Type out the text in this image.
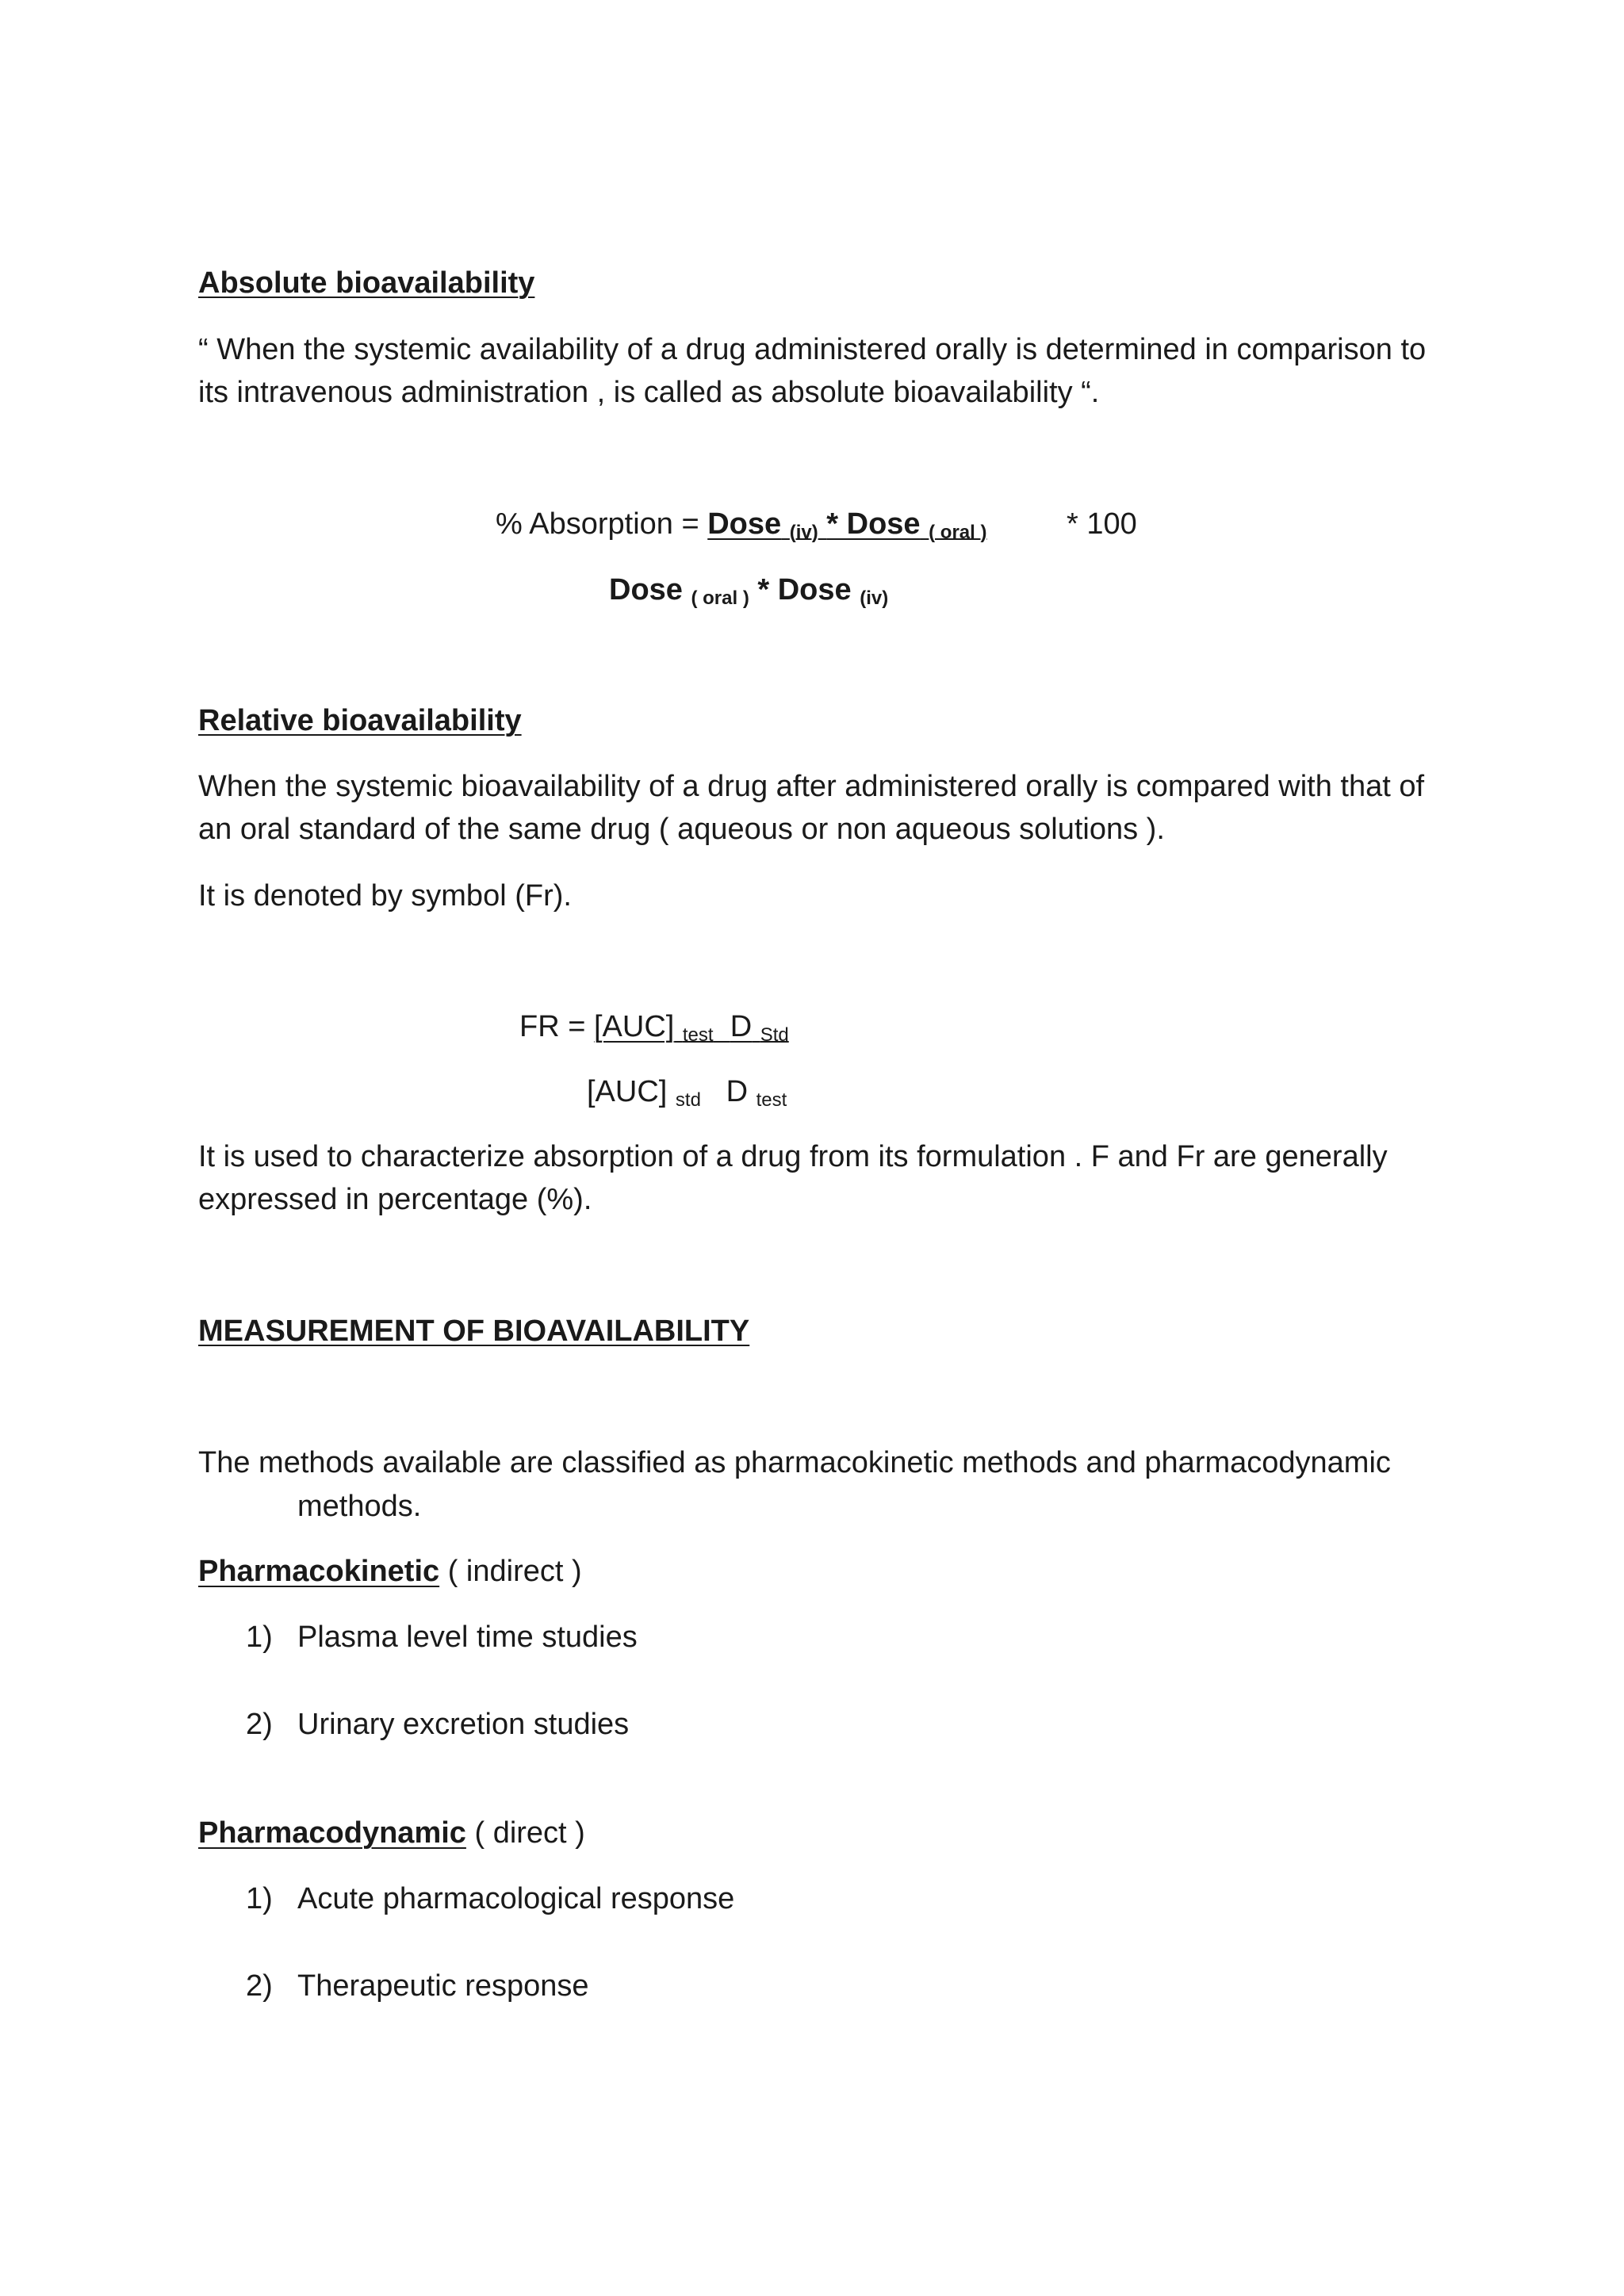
Absolute bioavailability

“ When the systemic availability of a drug administered orally is determined in comparison to its intravenous administration , is called as absolute bioavailability “.

% Absorption = Dose $_{(iv)}$ * Dose $_{( oral )}$	* 100
Dose $_{( oral )}$ * Dose $_{(iv)}$
Relative bioavailability

When the systemic bioavailability of a drug after administered orally is compared with that of an oral standard of the same drug ( aqueous or non aqueous solutions ).

It is denoted by symbol (Fr).

FR = [AUC] $_{test}$ D $_{Std}$
[AUC] $_{std}$ D $_{test}$

It is used to characterize absorption of a drug from its formulation . F and Fr are generally expressed in percentage (%).

MEASUREMENT OF BIOAVAILABILITY
The methods available are classified as pharmacokinetic methods and pharmacodynamic
methods.
Pharmacokinetic ( indirect )
1) Plasma level time studies
2) Urinary excretion studies
Pharmacodynamic ( direct )
1) Acute pharmacological response
2) Therapeutic response
